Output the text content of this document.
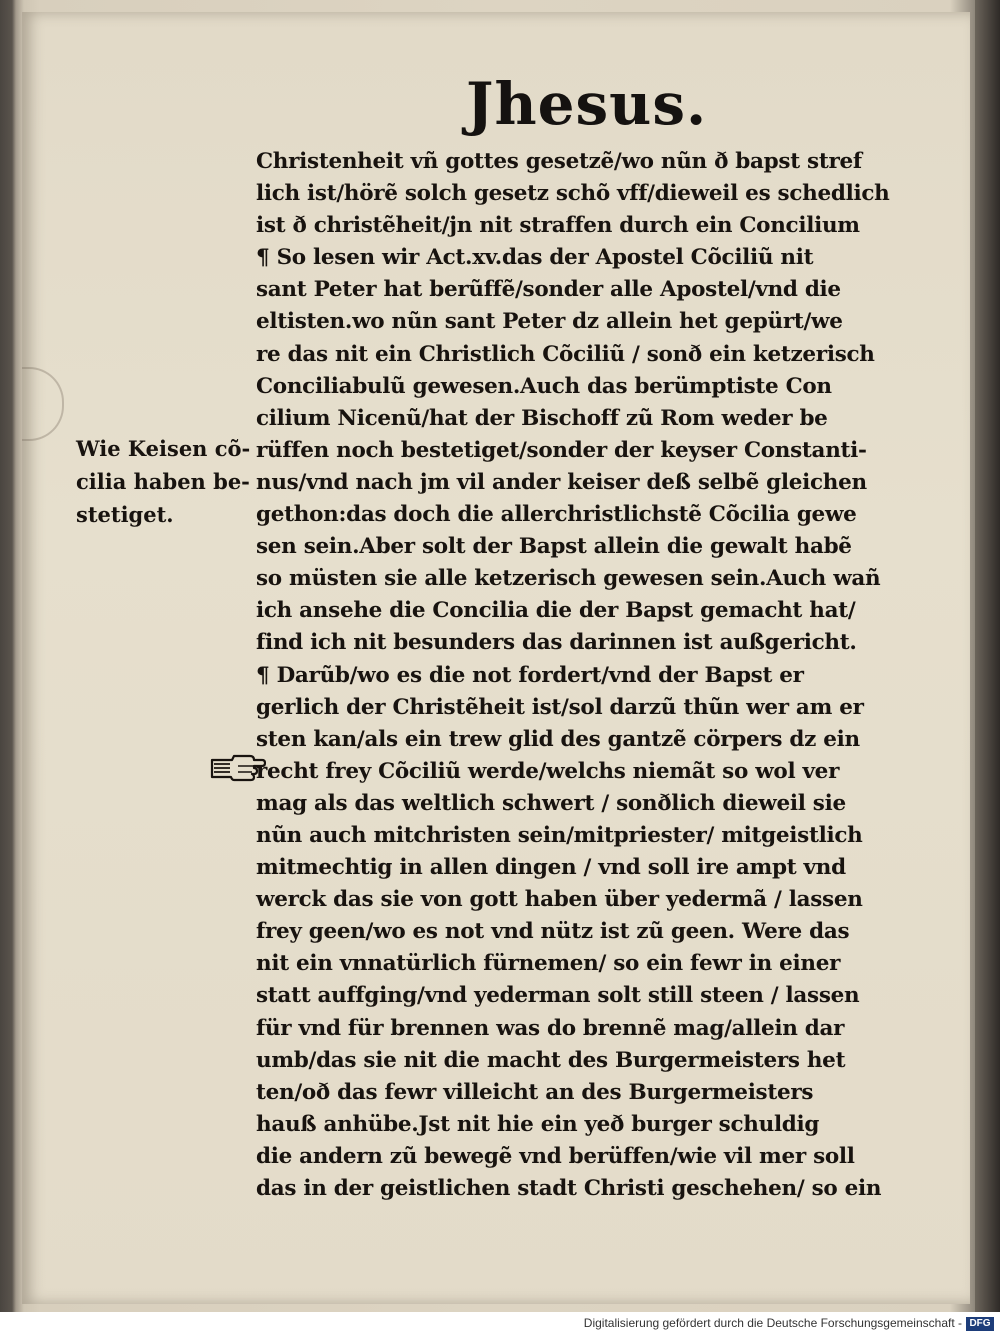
Jhesus.
Christenheit vñ gottes gesetzẽ/wo nũn ð bapst stref
lich ist/hörẽ solch gesetz schõ vff/dieweil es schedlich
ist ð christẽheit/jn nit straffen durch ein Concilium
¶ So lesen wir Act.xv.das der Apostel Cõciliũ nit
sant Peter hat berũffẽ/sonder alle Apostel/vnd die
eltisten.wo nũn sant Peter dz allein het gepürt/we
re das nit ein Christlich Cõciliũ / sonð ein ketzerisch
Conciliabulũ gewesen.Auch das berümptiste Con
cilium Nicenũ/hat der Bischoff zũ Rom weder be
rüffen noch bestetiget/sonder der keyser Constanti-
nus/vnd nach jm vil ander keiser deß selbẽ gleichen
gethon:das doch die allerchristlichstẽ Cõcilia gewe
sen sein.Aber solt der Bapst allein die gewalt habẽ
so müsten sie alle ketzerisch gewesen sein.Auch wañ
ich ansehe die Concilia die der Bapst gemacht hat/
find ich nit besunders das darinnen ist außgericht.
¶ Darũb/wo es die not fordert/vnd der Bapst er
gerlich der Christẽheit ist/sol darzũ thũn wer am er
sten kan/als ein trew glid des gantzẽ cörpers dz ein
recht frey Cõciliũ werde/welchs niemãt so wol ver
mag als das weltlich schwert / sonðlich dieweil sie
nũn auch mitchristen sein/mitpriester/ mitgeistlich
mitmechtig in allen dingen / vnd soll ire ampt vnd
werck das sie von gott haben über yedermã / lassen
frey geen/wo es not vnd nütz ist zũ geen. Were das
nit ein vnnatürlich fürnemen/ so ein fewr in einer
statt auffging/vnd yederman solt still steen / lassen
für vnd für brennen was do brennẽ mag/allein dar
umb/das sie nit die macht des Burgermeisters het
ten/oð das fewr villeicht an des Burgermeisters
hauß anhübe.Jst nit hie ein yeð burger schuldig
die andern zũ bewegẽ vnd berüffen/wie vil mer soll
das in der geistlichen stadt Christi geschehen/ so ein
Wie Keisen cõ-
cilia haben be-
stetiget.
Digitalisierung gefördert durch die Deutsche Forschungsgemeinschaft - DFG
